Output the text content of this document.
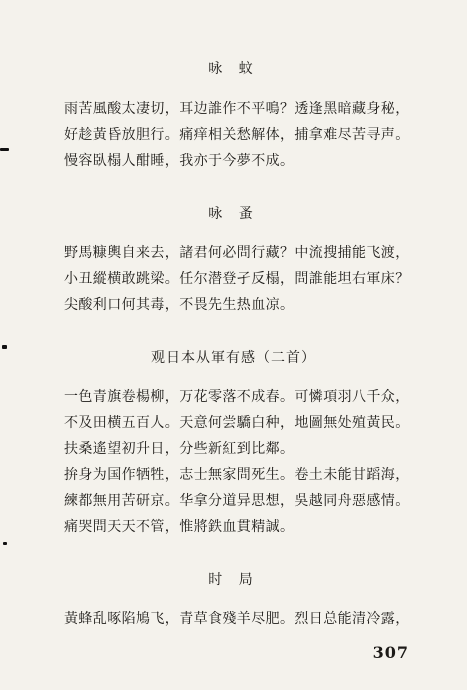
咏 蚊
雨苦風酸太凄切，耳边誰作不平鳴？透逢黑暗藏身秘，
好趁黃昏放胆行。痛痒相关愁解体，捕拿难尽苦寻声。
慢容臥榻人酣睡，我亦于今夢不成。
咏 蚤
野馬糠輿自来去，諸君何必問行藏？中流搜捕能飞渡，
小丑縱横敢跳梁。任尔潜登孑反榻，問誰能坦右軍床？
尖酸利口何其毒，不畏先生热血凉。
观日本从軍有感（二首）
一色青旗卷楊柳，万花零落不成春。可憐項羽八千众，
不及田横五百人。天意何尝驕白种，地圖無处殖黃民。
扶桑遙望初升日，分些新紅到比鄰。
拚身为国作牺牲，志士無家問死生。卷土未能甘蹈海，
練都無用苦研京。华拿分道异思想，吳越同舟惡感情。
痛哭問天天不管，惟將鉄血貫精誠。
时 局
黃蜂乱啄陷鳩飞，青草食殘羊尽肥。烈日总能清冷露，
307
